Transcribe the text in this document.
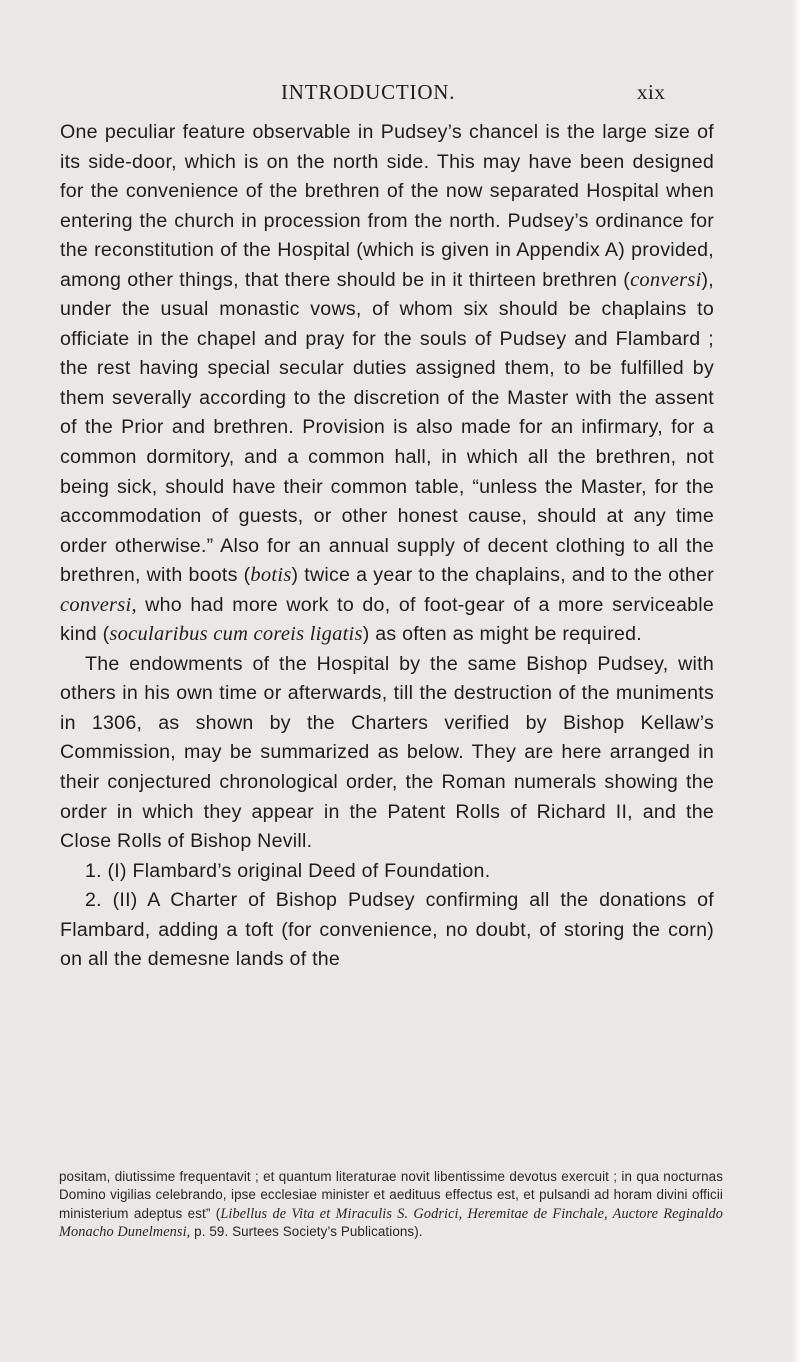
INTRODUCTION.	xix

One peculiar feature observable in Pudsey’s chancel is the large size of its side-door, which is on the north side. This may have been designed for the convenience of the brethren of the now separated Hospital when entering the church in procession from the north. Pudsey’s ordinance for the reconstitution of the Hospital (which is given in Appendix A) provided, among other things, that there should be in it thirteen brethren (conversi), under the usual monastic vows, of whom six should be chaplains to officiate in the chapel and pray for the souls of Pudsey and Flambard ; the rest having special secular duties assigned them, to be fulfilled by them severally according to the discretion of the Master with the assent of the Prior and brethren. Provision is also made for an infirmary, for a common dormitory, and a common hall, in which all the brethren, not being sick, should have their common table, “unless the Master, for the accommodation of guests, or other honest cause, should at any time order otherwise.” Also for an annual supply of decent clothing to all the brethren, with boots (botis) twice a year to the chaplains, and to the other conversi, who had more work to do, of foot-gear of a more serviceable kind (socularibus cum coreis ligatis) as often as might be required.

The endowments of the Hospital by the same Bishop Pudsey, with others in his own time or afterwards, till the destruction of the muniments in 1306, as shown by the Charters verified by Bishop Kellaw’s Commission, may be summarized as below. They are here arranged in their conjectured chronological order, the Roman numerals showing the order in which they appear in the Patent Rolls of Richard II, and the Close Rolls of Bishop Nevill.

1. (I) Flambard’s original Deed of Foundation.

2. (II) A Charter of Bishop Pudsey confirming all the donations of Flambard, adding a toft (for convenience, no doubt, of storing the corn) on all the demesne lands of the

positam, diutissime frequentavit ; et quantum literaturae novit libentissime devotus exercuit ; in qua nocturnas Domino vigilias celebrando, ipse ecclesiae minister et aedituus effectus est, et pulsandi ad horam divini officii ministerium adeptus est” (Libellus de Vita et Miraculis S. Godrici, Heremitae de Finchale, Auctore Reginaldo Monacho Dunelmensi, p. 59. Surtees Society’s Publications).
